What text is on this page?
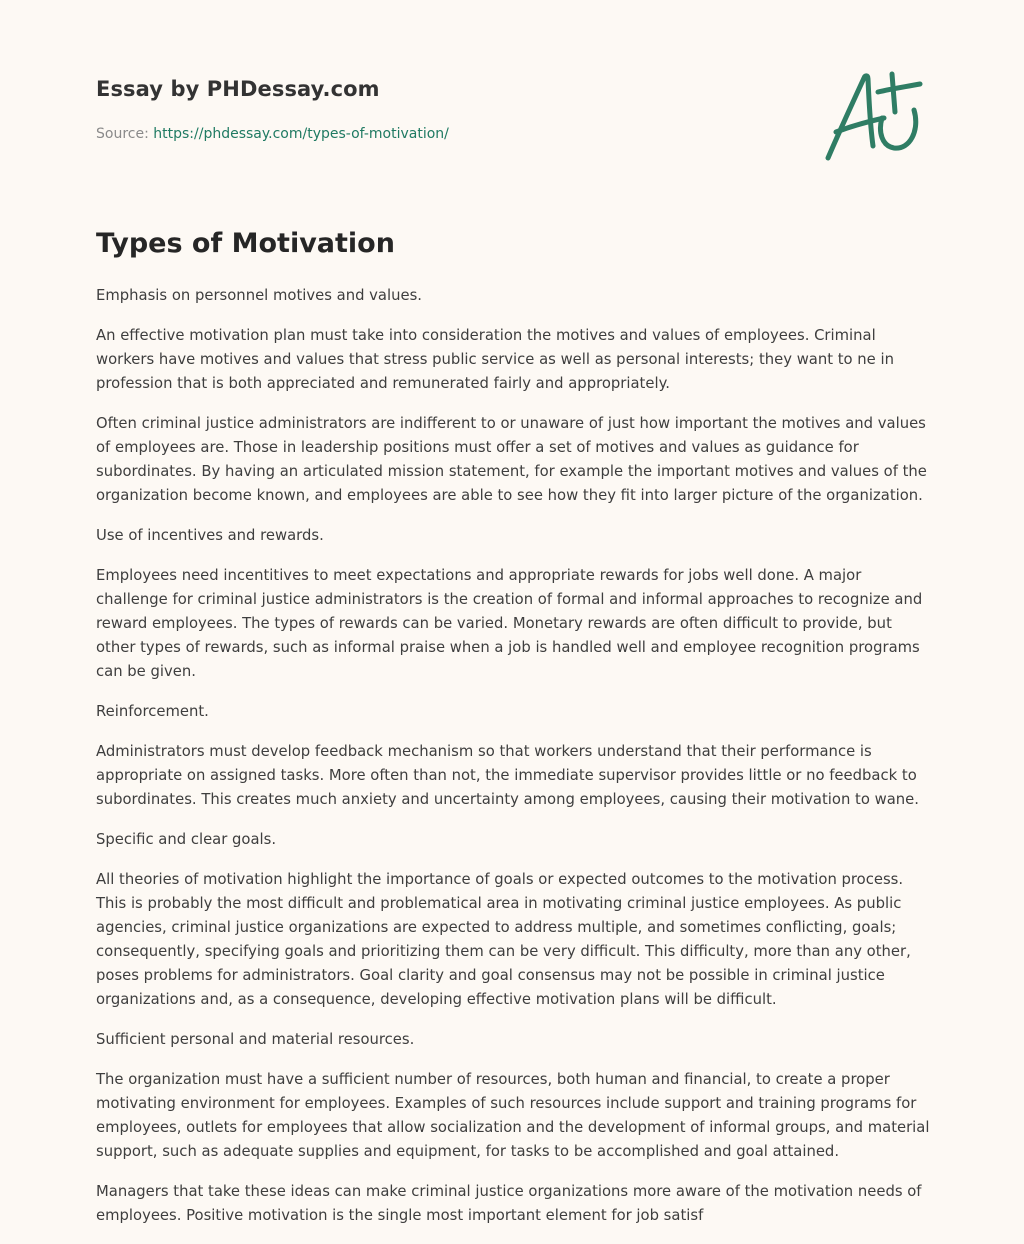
Essay by PHDessay.com
Source: https://phdessay.com/types-of-motivation/
Types of Motivation

Emphasis on personnel motives and values.

An effective motivation plan must take into consideration the motives and values of employees. Criminal workers have motives and values that stress public service as well as personal interests; they want to ne in profession that is both appreciated and remunerated fairly and appropriately.

Often criminal justice administrators are indifferent to or unaware of just how important the motives and values of employees are. Those in leadership positions must offer a set of motives and values as guidance for subordinates. By having an articulated mission statement, for example the important motives and values of the organization become known, and employees are able to see how they fit into larger picture of the organization.

Use of incentives and rewards.

Employees need incentitives to meet expectations and appropriate rewards for jobs well done. A major challenge for criminal justice administrators is the creation of formal and informal approaches to recognize and reward employees. The types of rewards can be varied. Monetary rewards are often difficult to provide, but other types of rewards, such as informal praise when a job is handled well and employee recognition programs can be given.

Reinforcement.

Administrators must develop feedback mechanism so that workers understand that their performance is appropriate on assigned tasks. More often than not, the immediate supervisor provides little or no feedback to subordinates. This creates much anxiety and uncertainty among employees, causing their motivation to wane.

Specific and clear goals.

All theories of motivation highlight the importance of goals or expected outcomes to the motivation process. This is probably the most difficult and problematical area in motivating criminal justice employees. As public agencies, criminal justice organizations are expected to address multiple, and sometimes conflicting, goals; consequently, specifying goals and prioritizing them can be very difficult. This difficulty, more than any other, poses problems for administrators. Goal clarity and goal consensus may not be possible in criminal justice organizations and, as a consequence, developing effective motivation plans will be difficult.

Sufficient personal and material resources.

The organization must have a sufficient number of resources, both human and financial, to create a proper motivating environment for employees. Examples of such resources include support and training programs for employees, outlets for employees that allow socialization and the development of informal groups, and material support, such as adequate supplies and equipment, for tasks to be accomplished and goal attained.

Managers that take these ideas can make criminal justice organizations more aware of the motivation needs of employees. Positive motivation is the single most important element for job satisf
